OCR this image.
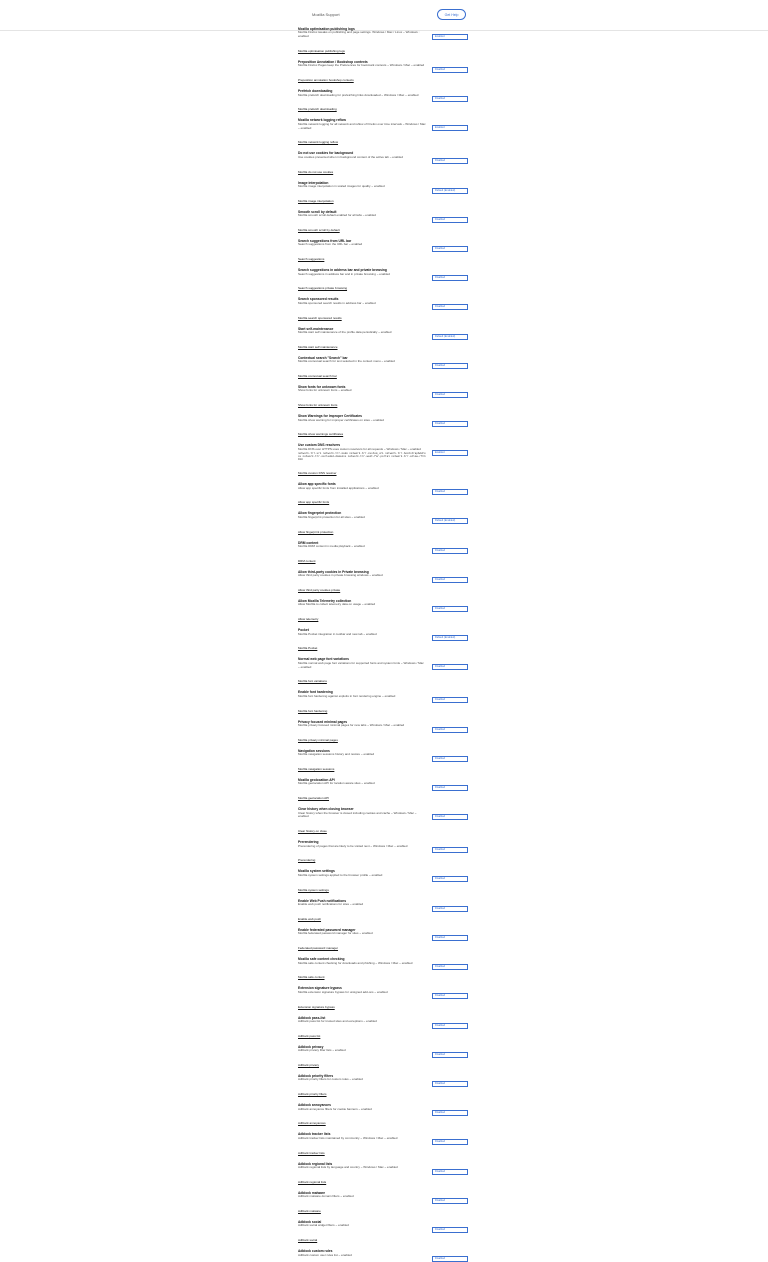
Mozilla Support	Get Help
Mozilla optimisation publishing logs
Mozilla Firefox tweaks on publishing and page settings. Windows / Mac / Linux ~ Windows : enabled
Mozilla optimisation publishing logs
Enabled
Preposition Annotation / Bookshop contexts
Mozilla Firefox Pages keep the Preferences for bookmark contexts ~ Windows / Mac ~ enabled
Preposition annotation bookshop contexts
Disabled
Prefetch downloading
Mozilla prefetch downloading for prefetching links downloaded ~ Windows / Mac ~ enabled
Mozilla prefetch downloading
Disabled
Mozilla network logging reflow
Mozilla network logging for all network and reflow of Firefox over time intervals ~ Windows / Mac ~ enabled
Mozilla network logging reflow
Enabled
Do not use cookies for background
Use cookies prevented when in background content of the active tab ~ enabled
Mozilla do not use cookies
Disabled
Image interpolation
Mozilla image interpolation in scaled images for quality ~ enabled
Mozilla image interpolation
Default (Enabled)
Smooth scroll by default
Mozilla smooth scroll default enabled for all tabs ~ enabled
Mozilla smooth scroll by default
Disabled
Search suggestions from URL bar
Search suggestions from the URL bar ~ enabled
Search suggestions
Disabled
Search suggestions in address bar and private browsing
Search suggestions in address bar and in private browsing ~ enabled
Search suggestions private browsing
Disabled
Search sponsored results
Mozilla sponsored search results in address bar ~ enabled
Mozilla search sponsored results
Disabled
Start self-maintenance
Mozilla start self maintenance of the profile data periodically ~ enabled
Mozilla start self maintenance
Default (Enabled)
Contextual search "Search" bar
Mozilla contextual search for text selected in the context menu ~ enabled
Mozilla contextual search bar
Disabled
Show fonts for unknown fonts
Show fonts for unknown fonts ~ enabled
Show fonts for unknown fonts
Disabled
Show Warnings for Improper Certificates
Mozilla show warning for improper certificates on sites ~ enabled
Mozilla show warnings certificates
Disabled
Use custom DNS resolvers
Mozilla DNS over HTTPS uses custom resolvers for all requests ~ Windows / Mac ~ enabled
network.trr.uri network.trr.mode network.trr.custom_uri network.trr.bootstrapAddress network.trr.excluded-domains network.trr.wait-for-portal network.trr.allow-rfc1918
Mozilla custom DNS resolver
Enabled
Allow app specific fonts
Allow app specific fonts from installed applications ~ enabled
Allow app specific fonts
Disabled
Allow fingerprint protection
Mozilla fingerprint protection for all sites ~ enabled
Allow fingerprint protection
Default (Enabled)
DRM content
Mozilla DRM content in media playback ~ enabled
DRM content
Disabled
Allow third-party cookies in Private browsing
Allow third party cookies in private browsing windows ~ enabled
Allow third party cookies private
Disabled
Allow Mozilla Telemetry collection
Allow Mozilla to collect telemetry data on usage ~ enabled
Allow telemetry
Disabled
Pocket
Mozilla Pocket integration in toolbar and new tab ~ enabled
Mozilla Pocket
Default (Enabled)
Normal web page font variations
Mozilla normal web page font variations for supported fonts and system fonts ~ Windows / Mac ~ enabled
Mozilla font variations
Disabled
Enable font hardening
Mozilla font hardening against exploits in font rendering engine ~ enabled
Mozilla font hardening
Disabled
Privacy focused minimal pages
Mozilla privacy focused minimal pages for new tabs ~ Windows / Mac ~ enabled
Mozilla privacy minimal pages
Disabled
Navigation sessions
Mozilla navigation sessions history and restore ~ enabled
Mozilla navigation sessions
Disabled
Mozilla geolocation API
Mozilla geolocation API for location aware sites ~ enabled
Mozilla geolocation API
Disabled
Clear history when closing browser
Clear history when the browser is closed including cookies and cache ~ Windows / Mac ~ enabled
Clear history on close
Disabled
Prerendering
Prerendering of pages that are likely to be visited next ~ Windows / Mac ~ enabled
Prerendering
Disabled
Mozilla system settings
Mozilla system settings applied to the browser profile ~ enabled
Mozilla system settings
Disabled
Enable Web Push notifications
Enable web push notifications for sites ~ enabled
Enable web push
Disabled
Enable federated password manager
Mozilla federated password manager for sites ~ enabled
Federated password manager
Disabled
Mozilla safe content checking
Mozilla safe content checking for downloads and phishing ~ Windows / Mac ~ enabled
Mozilla safe content
Disabled
Extension signature bypass
Mozilla extension signature bypass for unsigned add-ons ~ enabled
Extension signature bypass
Disabled
Adblock pass-list
Adblock pass list for trusted sites and exceptions ~ enabled
Adblock pass list
Disabled
Adblock privacy
Adblock privacy filter lists ~ enabled
Adblock privacy
Disabled
Adblock priority filters
Adblock priority filters for custom rules ~ enabled
Adblock priority filters
Disabled
Adblock annoyances
Adblock annoyance filters for cookie banners ~ enabled
Adblock annoyances
Disabled
Adblock tracker lists
Adblock tracker lists maintained by community ~ Windows / Mac ~ enabled
Adblock tracker lists
Disabled
Adblock regional lists
Adblock regional lists by language and country ~ Windows / Mac ~ enabled
Adblock regional lists
Disabled
Adblock malware
Adblock malware domain filters ~ enabled
Adblock malware
Disabled
Adblock social
Adblock social widget filters ~ enabled
Adblock social
Disabled
Adblock custom rules
Adblock custom user rules list ~ enabled
Disabled
